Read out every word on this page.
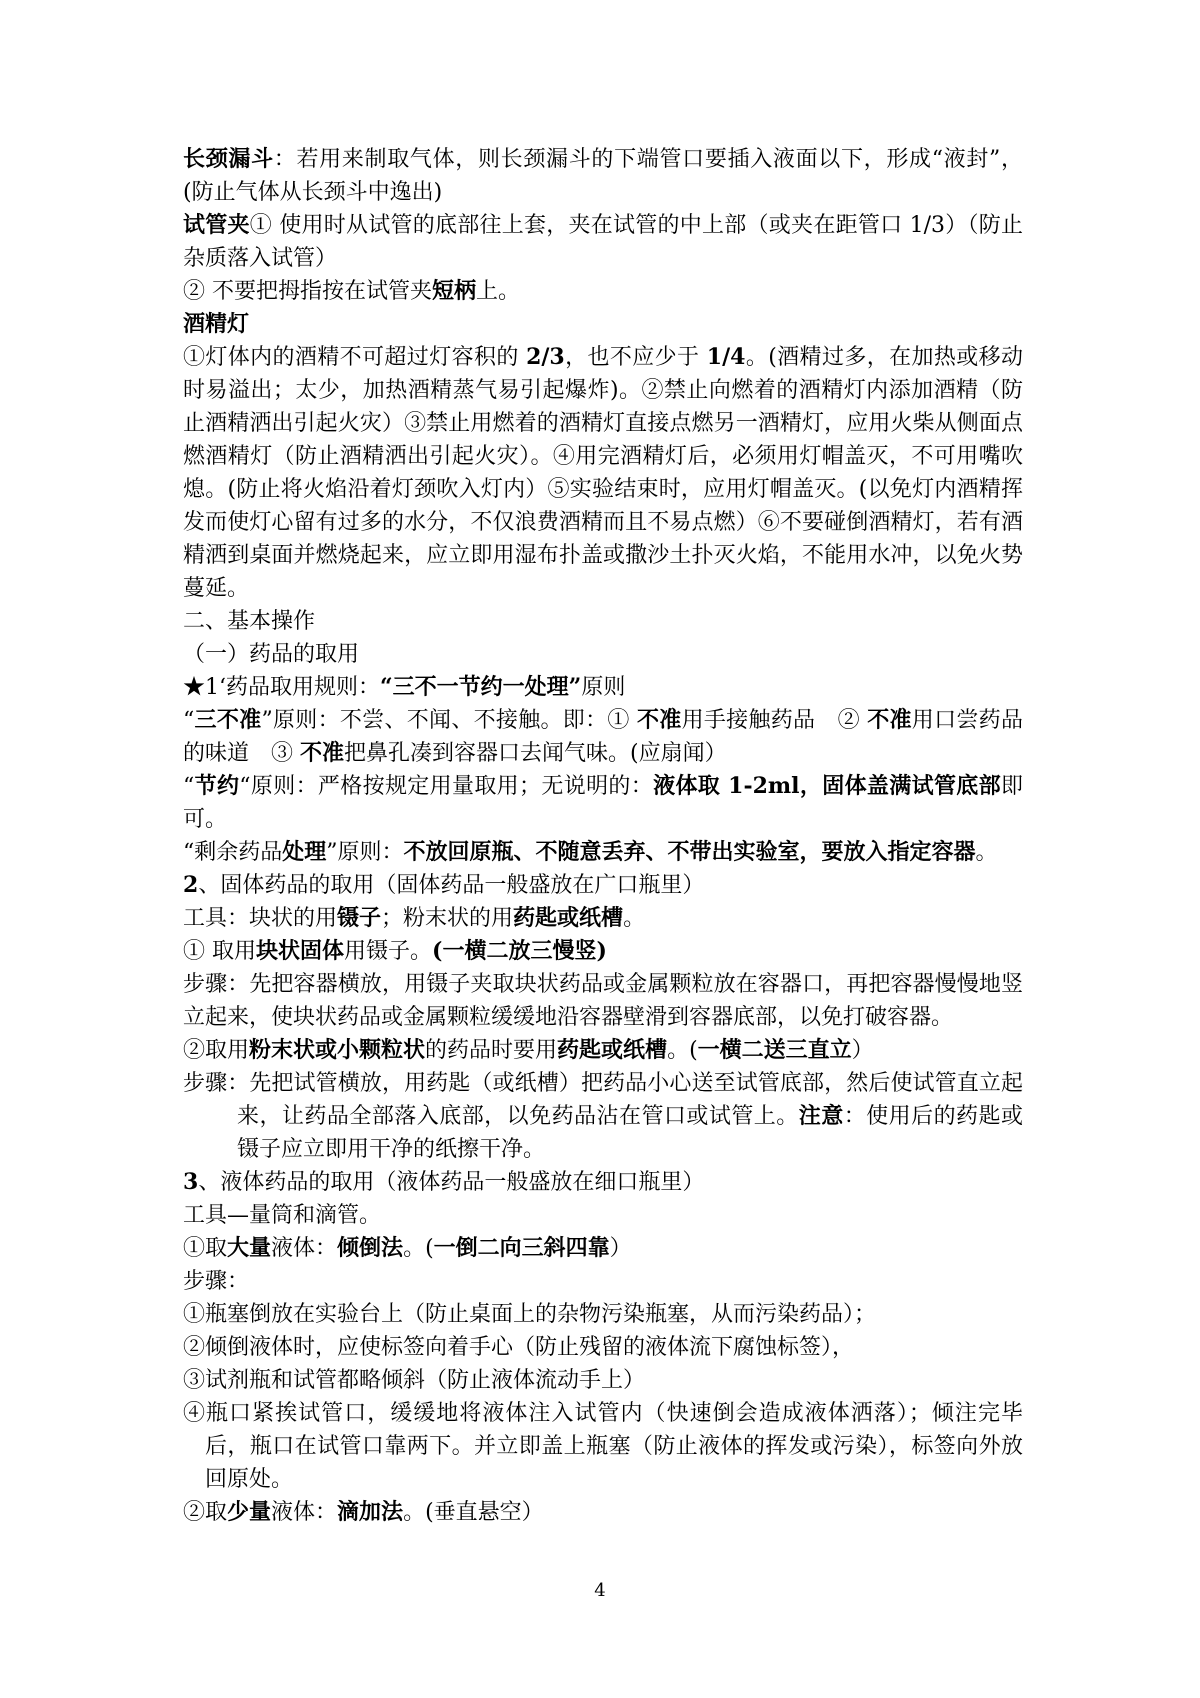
长颈漏斗：若用来制取气体，则长颈漏斗的下端管口要插入液面以下，形成“液封”，(防止气体从长颈斗中逸出)

试管夹① 使用时从试管的底部往上套，夹在试管的中上部（或夹在距管口 1/3）（防止杂质落入试管）

② 不要把拇指按在试管夹短柄上。

酒精灯

①灯体内的酒精不可超过灯容积的 2/3，也不应少于 1/4。(酒精过多，在加热或移动时易溢出；太少，加热酒精蒸气易引起爆炸)。②禁止向燃着的酒精灯内添加酒精（防止酒精洒出引起火灾）③禁止用燃着的酒精灯直接点燃另一酒精灯，应用火柴从侧面点燃酒精灯（防止酒精洒出引起火灾）。④用完酒精灯后，必须用灯帽盖灭，不可用嘴吹熄。(防止将火焰沿着灯颈吹入灯内）⑤实验结束时，应用灯帽盖灭。(以免灯内酒精挥发而使灯心留有过多的水分，不仅浪费酒精而且不易点燃）⑥不要碰倒酒精灯，若有酒精洒到桌面并燃烧起来，应立即用湿布扑盖或撒沙土扑灭火焰，不能用水冲，以免火势蔓延。

二、基本操作

（一）药品的取用

★1‘药品取用规则：“三不一节约一处理”原则

“三不准”原则：不尝、不闻、不接触。即：① 不准用手接触药品　② 不准用口尝药品的味道　③ 不准把鼻孔凑到容器口去闻气味。(应扇闻）

“节约“原则：严格按规定用量取用；无说明的：液体取 1-2ml，固体盖满试管底部即可。

“剩余药品处理”原则：不放回原瓶、不随意丢弃、不带出实验室，要放入指定容器。

2、固体药品的取用（固体药品一般盛放在广口瓶里）

工具：块状的用镊子；粉末状的用药匙或纸槽。

① 取用块状固体用镊子。(一横二放三慢竖)

步骤：先把容器横放，用镊子夹取块状药品或金属颗粒放在容器口，再把容器慢慢地竖立起来，使块状药品或金属颗粒缓缓地沿容器壁滑到容器底部，以免打破容器。

②取用粉末状或小颗粒状的药品时要用药匙或纸槽。(一横二送三直立）

步骤：先把试管横放，用药匙（或纸槽）把药品小心送至试管底部，然后使试管直立起来，让药品全部落入底部，以免药品沾在管口或试管上。注意：使用后的药匙或镊子应立即用干净的纸擦干净。

3、液体药品的取用（液体药品一般盛放在细口瓶里）

工具—量筒和滴管。

①取大量液体：倾倒法。(一倒二向三斜四靠）

步骤：

①瓶塞倒放在实验台上（防止桌面上的杂物污染瓶塞，从而污染药品）；

②倾倒液体时，应使标签向着手心（防止残留的液体流下腐蚀标签），

③试剂瓶和试管都略倾斜（防止液体流动手上）

④瓶口紧挨试管口，缓缓地将液体注入试管内（快速倒会造成液体洒落）；倾注完毕后，瓶口在试管口靠两下。并立即盖上瓶塞（防止液体的挥发或污染），标签向外放回原处。

②取少量液体：滴加法。(垂直悬空）

4
